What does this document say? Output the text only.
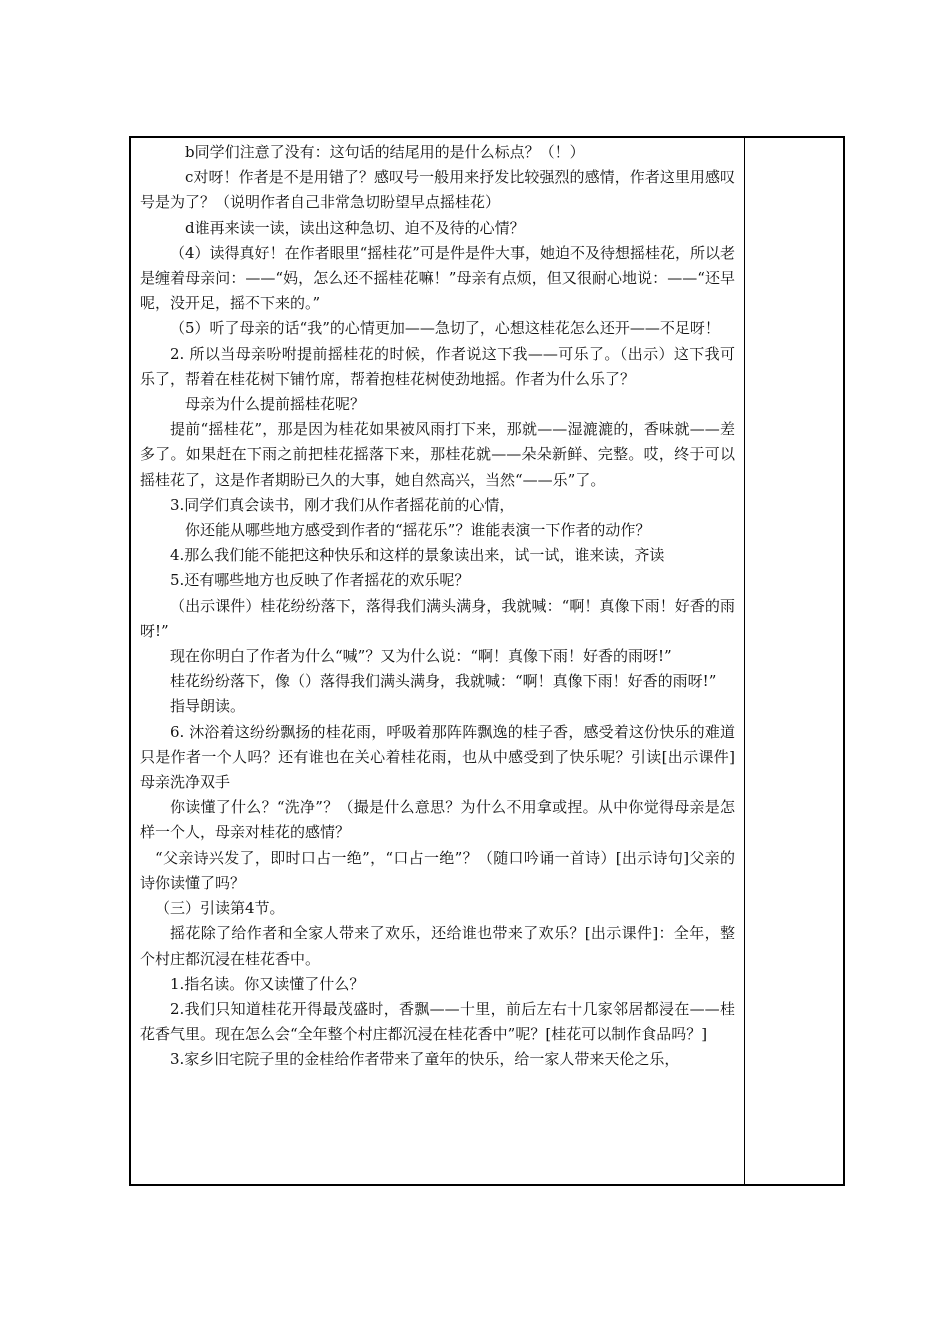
b同学们注意了没有：这句话的结尾用的是什么标点？（！）

c对呀！作者是不是用错了？感叹号一般用来抒发比较强烈的感情，作者这里用感叹号是为了？（说明作者自己非常急切盼望早点摇桂花）

d谁再来读一读，读出这种急切、迫不及待的心情？

（4）读得真好！在作者眼里“摇桂花”可是件是件大事，她迫不及待想摇桂花，所以老是缠着母亲问：——“妈，怎么还不摇桂花嘛！”母亲有点烦，但又很耐心地说：——“还早呢，没开足，摇不下来的。”

（5）听了母亲的话“我”的心情更加——急切了，心想这桂花怎么还开——不足呀！

2. 所以当母亲吩咐提前摇桂花的时候，作者说这下我——可乐了。（出示）这下我可乐了，帮着在桂花树下铺竹席，帮着抱桂花树使劲地摇。作者为什么乐了？

母亲为什么提前摇桂花呢？

提前“摇桂花”，那是因为桂花如果被风雨打下来，那就——湿漉漉的，香味就——差多了。如果赶在下雨之前把桂花摇落下来，那桂花就——朵朵新鲜、完整。哎，终于可以摇桂花了，这是作者期盼已久的大事，她自然高兴，当然“——乐”了。

3.同学们真会读书，刚才我们从作者摇花前的心情，

你还能从哪些地方感受到作者的“摇花乐”？谁能表演一下作者的动作？

4.那么我们能不能把这种快乐和这样的景象读出来，试一试，谁来读，齐读

5.还有哪些地方也反映了作者摇花的欢乐呢？

（出示课件）桂花纷纷落下，落得我们满头满身，我就喊：“啊！真像下雨！好香的雨呀!”

现在你明白了作者为什么“喊”？又为什么说：“啊！真像下雨！好香的雨呀!”

桂花纷纷落下，像（）落得我们满头满身，我就喊：“啊！真像下雨！好香的雨呀!”

指导朗读。

6. 沐浴着这纷纷飘扬的桂花雨，呼吸着那阵阵飘逸的桂子香，感受着这份快乐的难道只是作者一个人吗？还有谁也在关心着桂花雨，也从中感受到了快乐呢？引读[出示课件] 母亲洗净双手

你读懂了什么？“洗净”？（撮是什么意思？为什么不用拿或捏。从中你觉得母亲是怎样一个人，母亲对桂花的感情？

“父亲诗兴发了，即时口占一绝”，“口占一绝”？（随口吟诵一首诗）[出示诗句]父亲的诗你读懂了吗？

（三）引读第4节。

摇花除了给作者和全家人带来了欢乐，还给谁也带来了欢乐？[出示课件]：全年，整个村庄都沉浸在桂花香中。

1.指名读。你又读懂了什么？

2.我们只知道桂花开得最茂盛时，香飘——十里，前后左右十几家邻居都浸在——桂花香气里。现在怎么会“全年整个村庄都沉浸在桂花香中”呢？[桂花可以制作食品吗？]

3.家乡旧宅院子里的金桂给作者带来了童年的快乐，给一家人带来天伦之乐，
